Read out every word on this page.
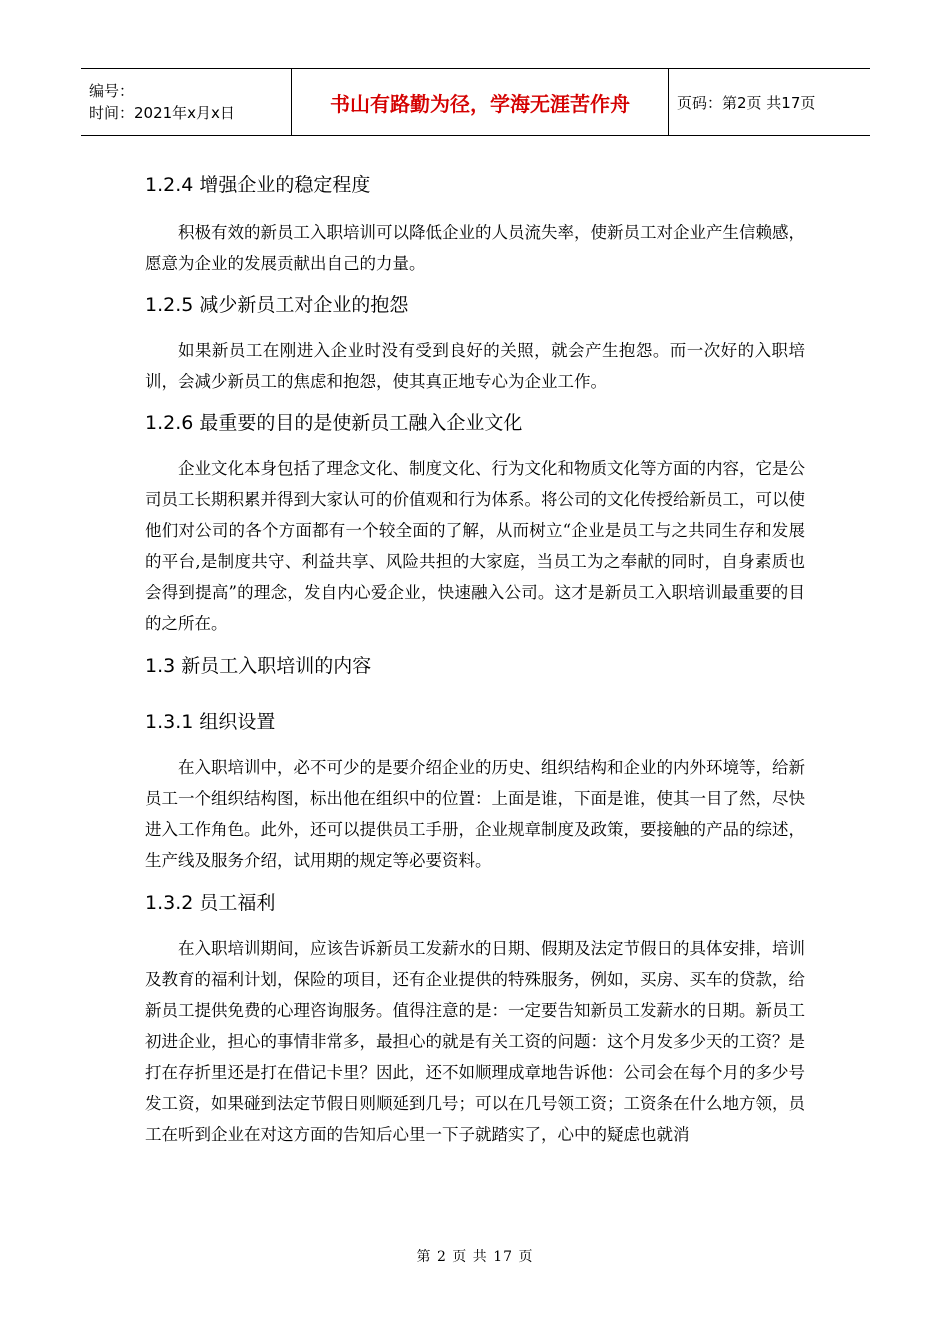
编号：
时间：2021年x月x日	书山有路勤为径，学海无涯苦作舟	页码：第2页 共17页
1.2.4 增强企业的稳定程度

积极有效的新员工入职培训可以降低企业的人员流失率，使新员工对企业产生信赖感，愿意为企业的发展贡献出自己的力量。

1.2.5 减少新员工对企业的抱怨

如果新员工在刚进入企业时没有受到良好的关照，就会产生抱怨。而一次好的入职培训，会减少新员工的焦虑和抱怨，使其真正地专心为企业工作。

1.2.6 最重要的目的是使新员工融入企业文化

企业文化本身包括了理念文化、制度文化、行为文化和物质文化等方面的内容，它是公司员工长期积累并得到大家认可的价值观和行为体系。将公司的文化传授给新员工，可以使他们对公司的各个方面都有一个较全面的了解，从而树立“企业是员工与之共同生存和发展的平台,是制度共守、利益共享、风险共担的大家庭，当员工为之奉献的同时，自身素质也会得到提高”的理念，发自内心爱企业，快速融入公司。这才是新员工入职培训最重要的目的之所在。

1.3 新员工入职培训的内容
1.3.1 组织设置

在入职培训中，必不可少的是要介绍企业的历史、组织结构和企业的内外环境等，给新员工一个组织结构图，标出他在组织中的位置：上面是谁，下面是谁，使其一目了然，尽快进入工作角色。此外，还可以提供员工手册，企业规章制度及政策，要接触的产品的综述，生产线及服务介绍，试用期的规定等必要资料。

1.3.2 员工福利

在入职培训期间，应该告诉新员工发薪水的日期、假期及法定节假日的具体安排，培训及教育的福利计划，保险的项目，还有企业提供的特殊服务，例如，买房、买车的贷款，给新员工提供免费的心理咨询服务。值得注意的是：一定要告知新员工发薪水的日期。新员工初进企业，担心的事情非常多，最担心的就是有关工资的问题：这个月发多少天的工资？是打在存折里还是打在借记卡里？因此，还不如顺理成章地告诉他：公司会在每个月的多少号发工资，如果碰到法定节假日则顺延到几号；可以在几号领工资；工资条在什么地方领，员工在听到企业在对这方面的告知后心里一下子就踏实了，心中的疑虑也就消

第 2 页 共 17 页
